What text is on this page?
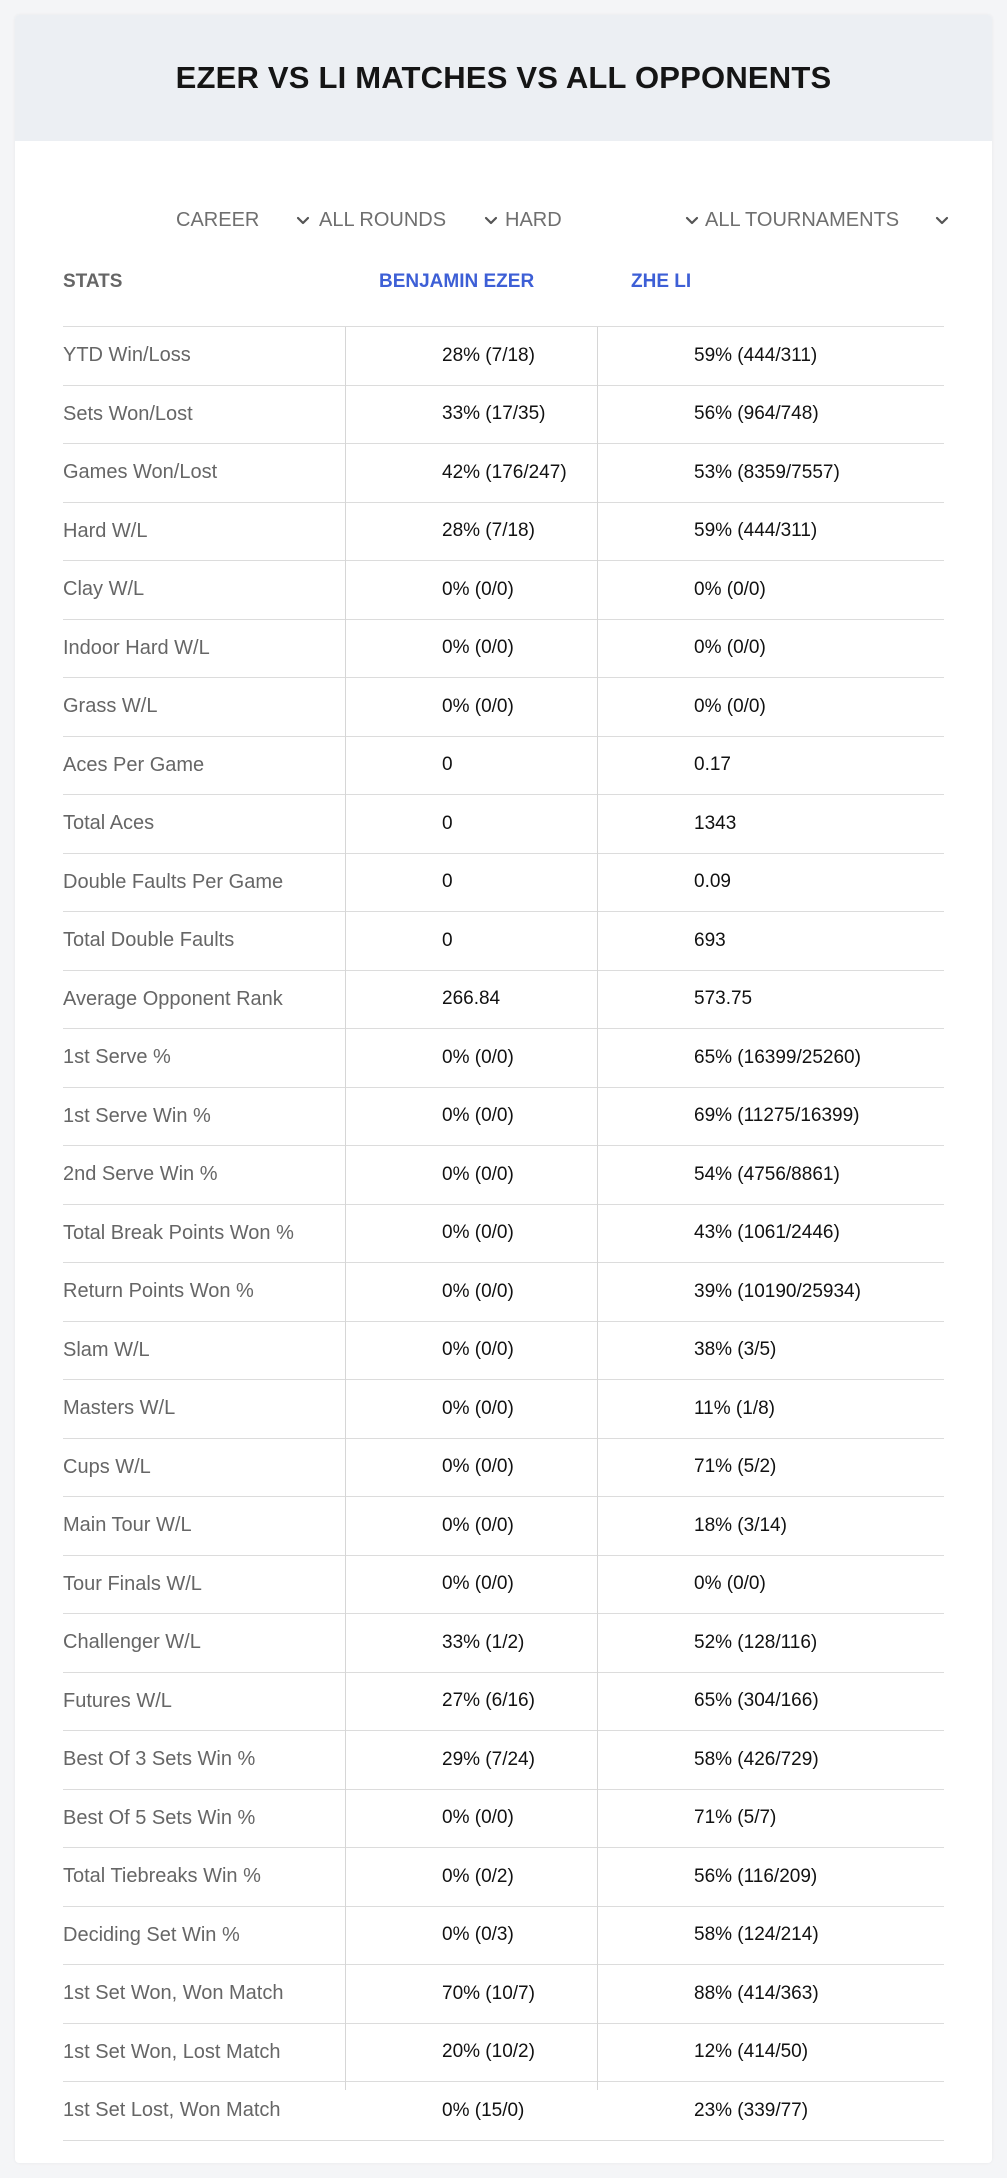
EZER VS LI MATCHES VS ALL OPPONENTS
CAREER	ALL ROUNDS	HARD	ALL TOURNAMENTS
STATS	BENJAMIN EZER	ZHE LI
YTD Win/Loss	28% (7/18)	59% (444/311)
Sets Won/Lost	33% (17/35)	56% (964/748)
Games Won/Lost	42% (176/247)	53% (8359/7557)
Hard W/L	28% (7/18)	59% (444/311)
Clay W/L	0% (0/0)	0% (0/0)
Indoor Hard W/L	0% (0/0)	0% (0/0)
Grass W/L	0% (0/0)	0% (0/0)
Aces Per Game	0	0.17
Total Aces	0	1343
Double Faults Per Game	0	0.09
Total Double Faults	0	693
Average Opponent Rank	266.84	573.75
1st Serve %	0% (0/0)	65% (16399/25260)
1st Serve Win %	0% (0/0)	69% (11275/16399)
2nd Serve Win %	0% (0/0)	54% (4756/8861)
Total Break Points Won %	0% (0/0)	43% (1061/2446)
Return Points Won %	0% (0/0)	39% (10190/25934)
Slam W/L	0% (0/0)	38% (3/5)
Masters W/L	0% (0/0)	11% (1/8)
Cups W/L	0% (0/0)	71% (5/2)
Main Tour W/L	0% (0/0)	18% (3/14)
Tour Finals W/L	0% (0/0)	0% (0/0)
Challenger W/L	33% (1/2)	52% (128/116)
Futures W/L	27% (6/16)	65% (304/166)
Best Of 3 Sets Win %	29% (7/24)	58% (426/729)
Best Of 5 Sets Win %	0% (0/0)	71% (5/7)
Total Tiebreaks Win %	0% (0/2)	56% (116/209)
Deciding Set Win %	0% (0/3)	58% (124/214)
1st Set Won, Won Match	70% (10/7)	88% (414/363)
1st Set Won, Lost Match	20% (10/2)	12% (414/50)
1st Set Lost, Won Match	0% (15/0)	23% (339/77)
